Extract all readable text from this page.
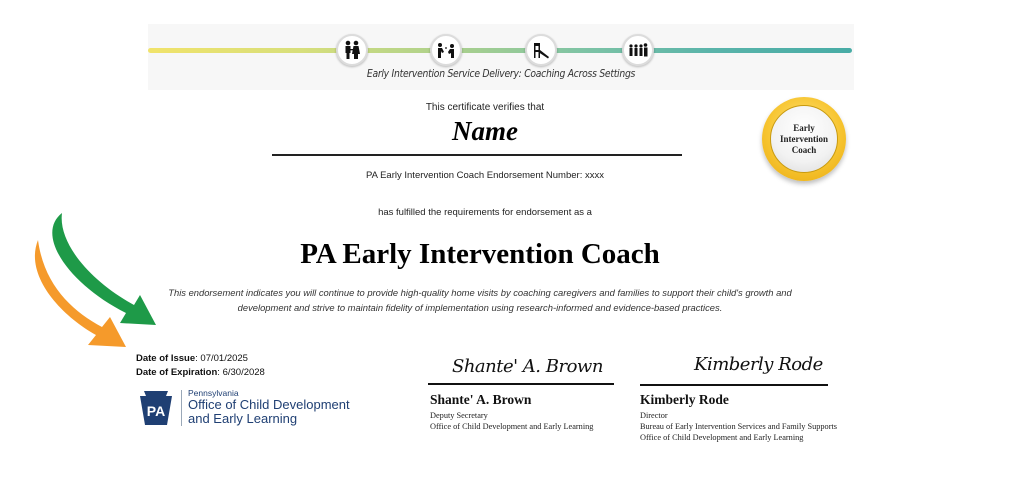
Early Intervention Service Delivery: Coaching Across Settings
This certificate verifies that
Name
PA Early Intervention Coach Endorsement Number: xxxx
has fulfilled the requirements for endorsement as a
PA Early Intervention Coach
This endorsement indicates you will continue to provide high-quality home visits by coaching caregivers and families to support their child's growth and development and strive to maintain fidelity of implementation using research-informed and evidence-based practices.
Early
Intervention
Coach
Date of Issue: 07/01/2025
Date of Expiration: 6/30/2028
PA
Pennsylvania
Office of Child Development
and Early Learning
Shante' A. Brown
Shante' A. Brown
Deputy Secretary
Office of Child Development and Early Learning
Kimberly Rode
Kimberly Rode
Director
Bureau of Early Intervention Services and Family Supports
Office of Child Development and Early Learning
